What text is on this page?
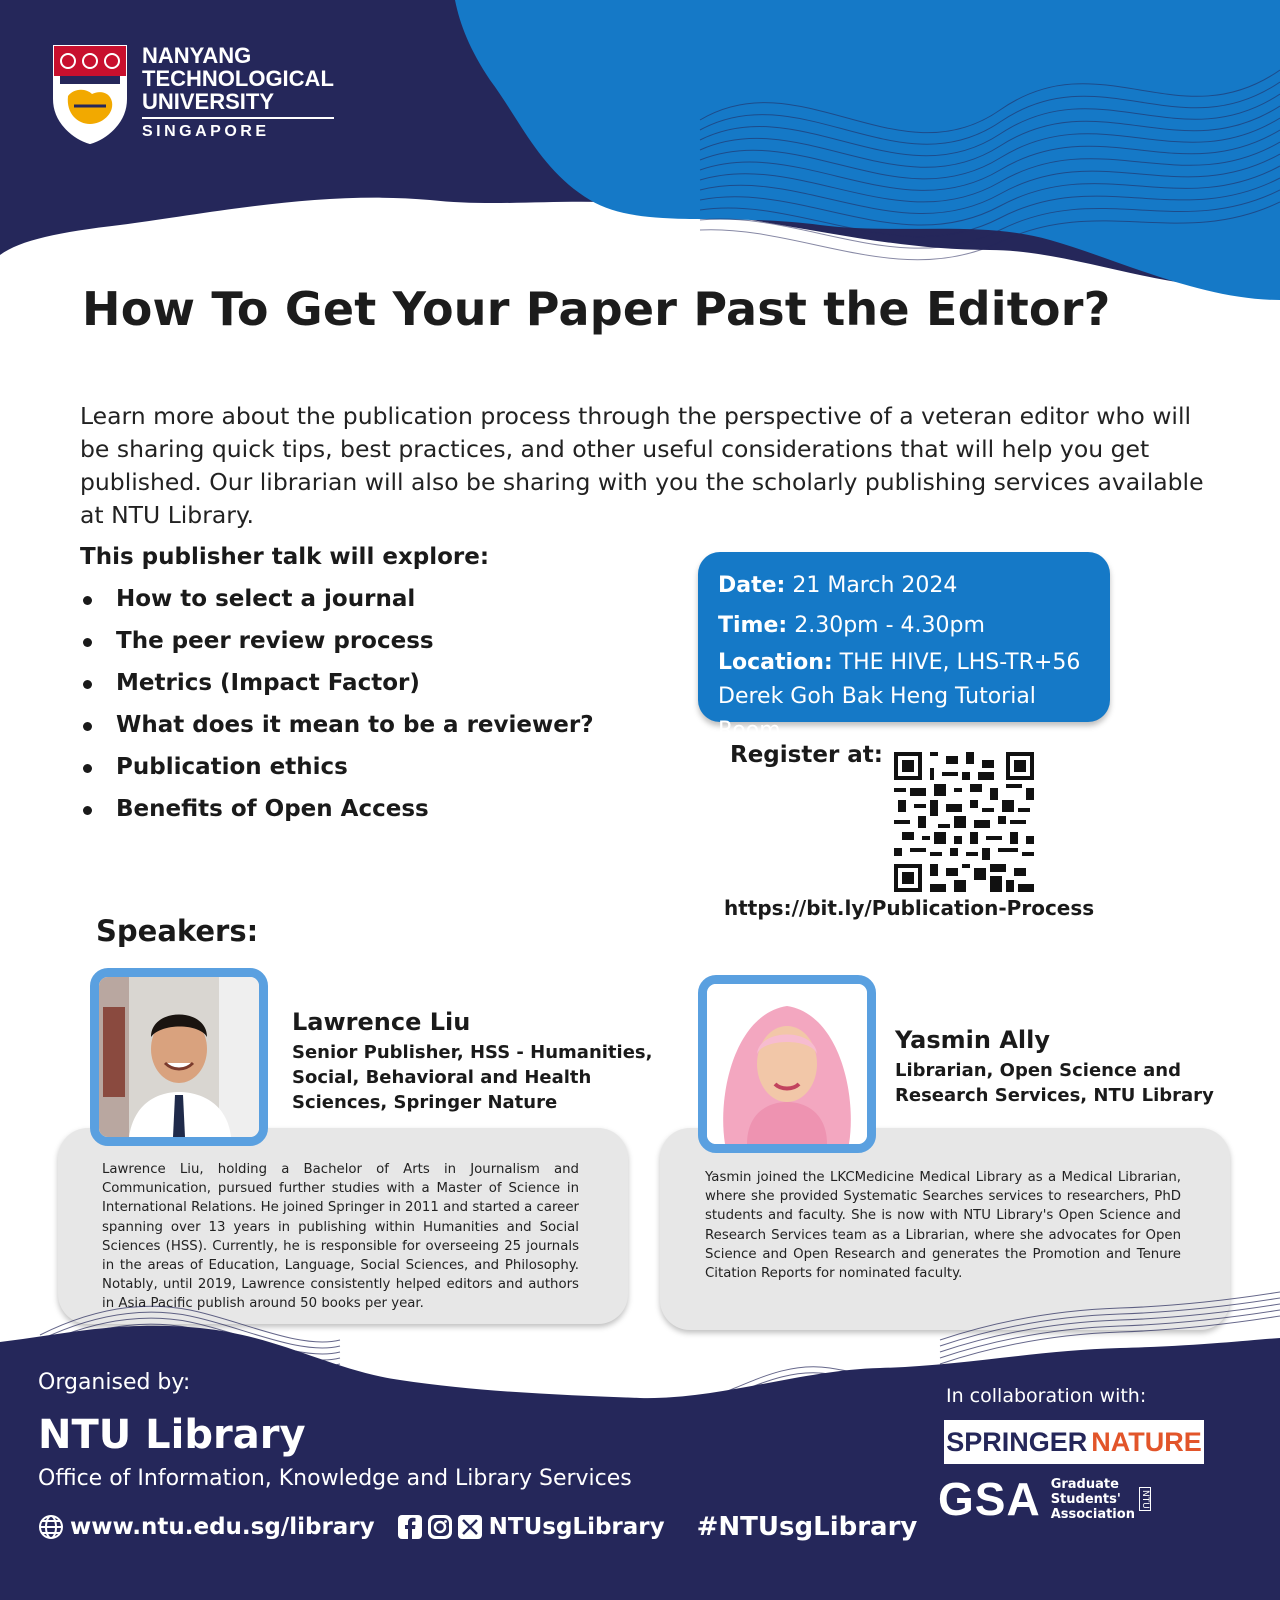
NANYANG
TECHNOLOGICAL
UNIVERSITY
SINGAPORE
How To Get Your Paper Past the Editor?
Learn more about the publication process through the perspective of a veteran editor who will be sharing quick tips, best practices, and other useful considerations that will help you get published. Our librarian will also be sharing with you the scholarly publishing services available at NTU Library.
This publisher talk will explore:
How to select a journal
The peer review process
Metrics (Impact Factor)
What does it mean to be a reviewer?
Publication ethics
Benefits of Open Access
Date: 21 March 2024
Time: 2.30pm - 4.30pm
Location: THE HIVE, LHS-TR+56
Derek Goh Bak Heng Tutorial Room
Register at:
https://bit.ly/Publication-Process
Speakers:

Lawrence Liu, holding a Bachelor of Arts in Journalism and Communication, pursued further studies with a Master of Science in International Relations. He joined Springer in 2011 and started a career spanning over 13 years in publishing within Humanities and Social Sciences (HSS). Currently, he is responsible for overseeing 25 journals in the areas of Education, Language, Social Sciences, and Philosophy. Notably, until 2019, Lawrence consistently helped editors and authors in Asia Pacific publish around 50 books per year.

Lawrence Liu
Senior Publisher, HSS - Humanities,
Social, Behavioral and Health
Sciences, Springer Nature

Yasmin joined the LKCMedicine Medical Library as a Medical Librarian, where she provided Systematic Searches services to researchers, PhD students and faculty. She is now with NTU Library's Open Science and Research Services team as a Librarian, where she advocates for Open Science and Open Research and generates the Promotion and Tenure Citation Reports for nominated faculty.

Yasmin Ally
Librarian, Open Science and
Research Services, NTU Library
Organised by:
NTU Library
Office of Information, Knowledge and Library Services
www.ntu.edu.sg/library	NTUsgLibrary #NTUsgLibrary
In collaboration with:
SPRINGER NATURE
GSA Graduate
Students'
Association
NTU
